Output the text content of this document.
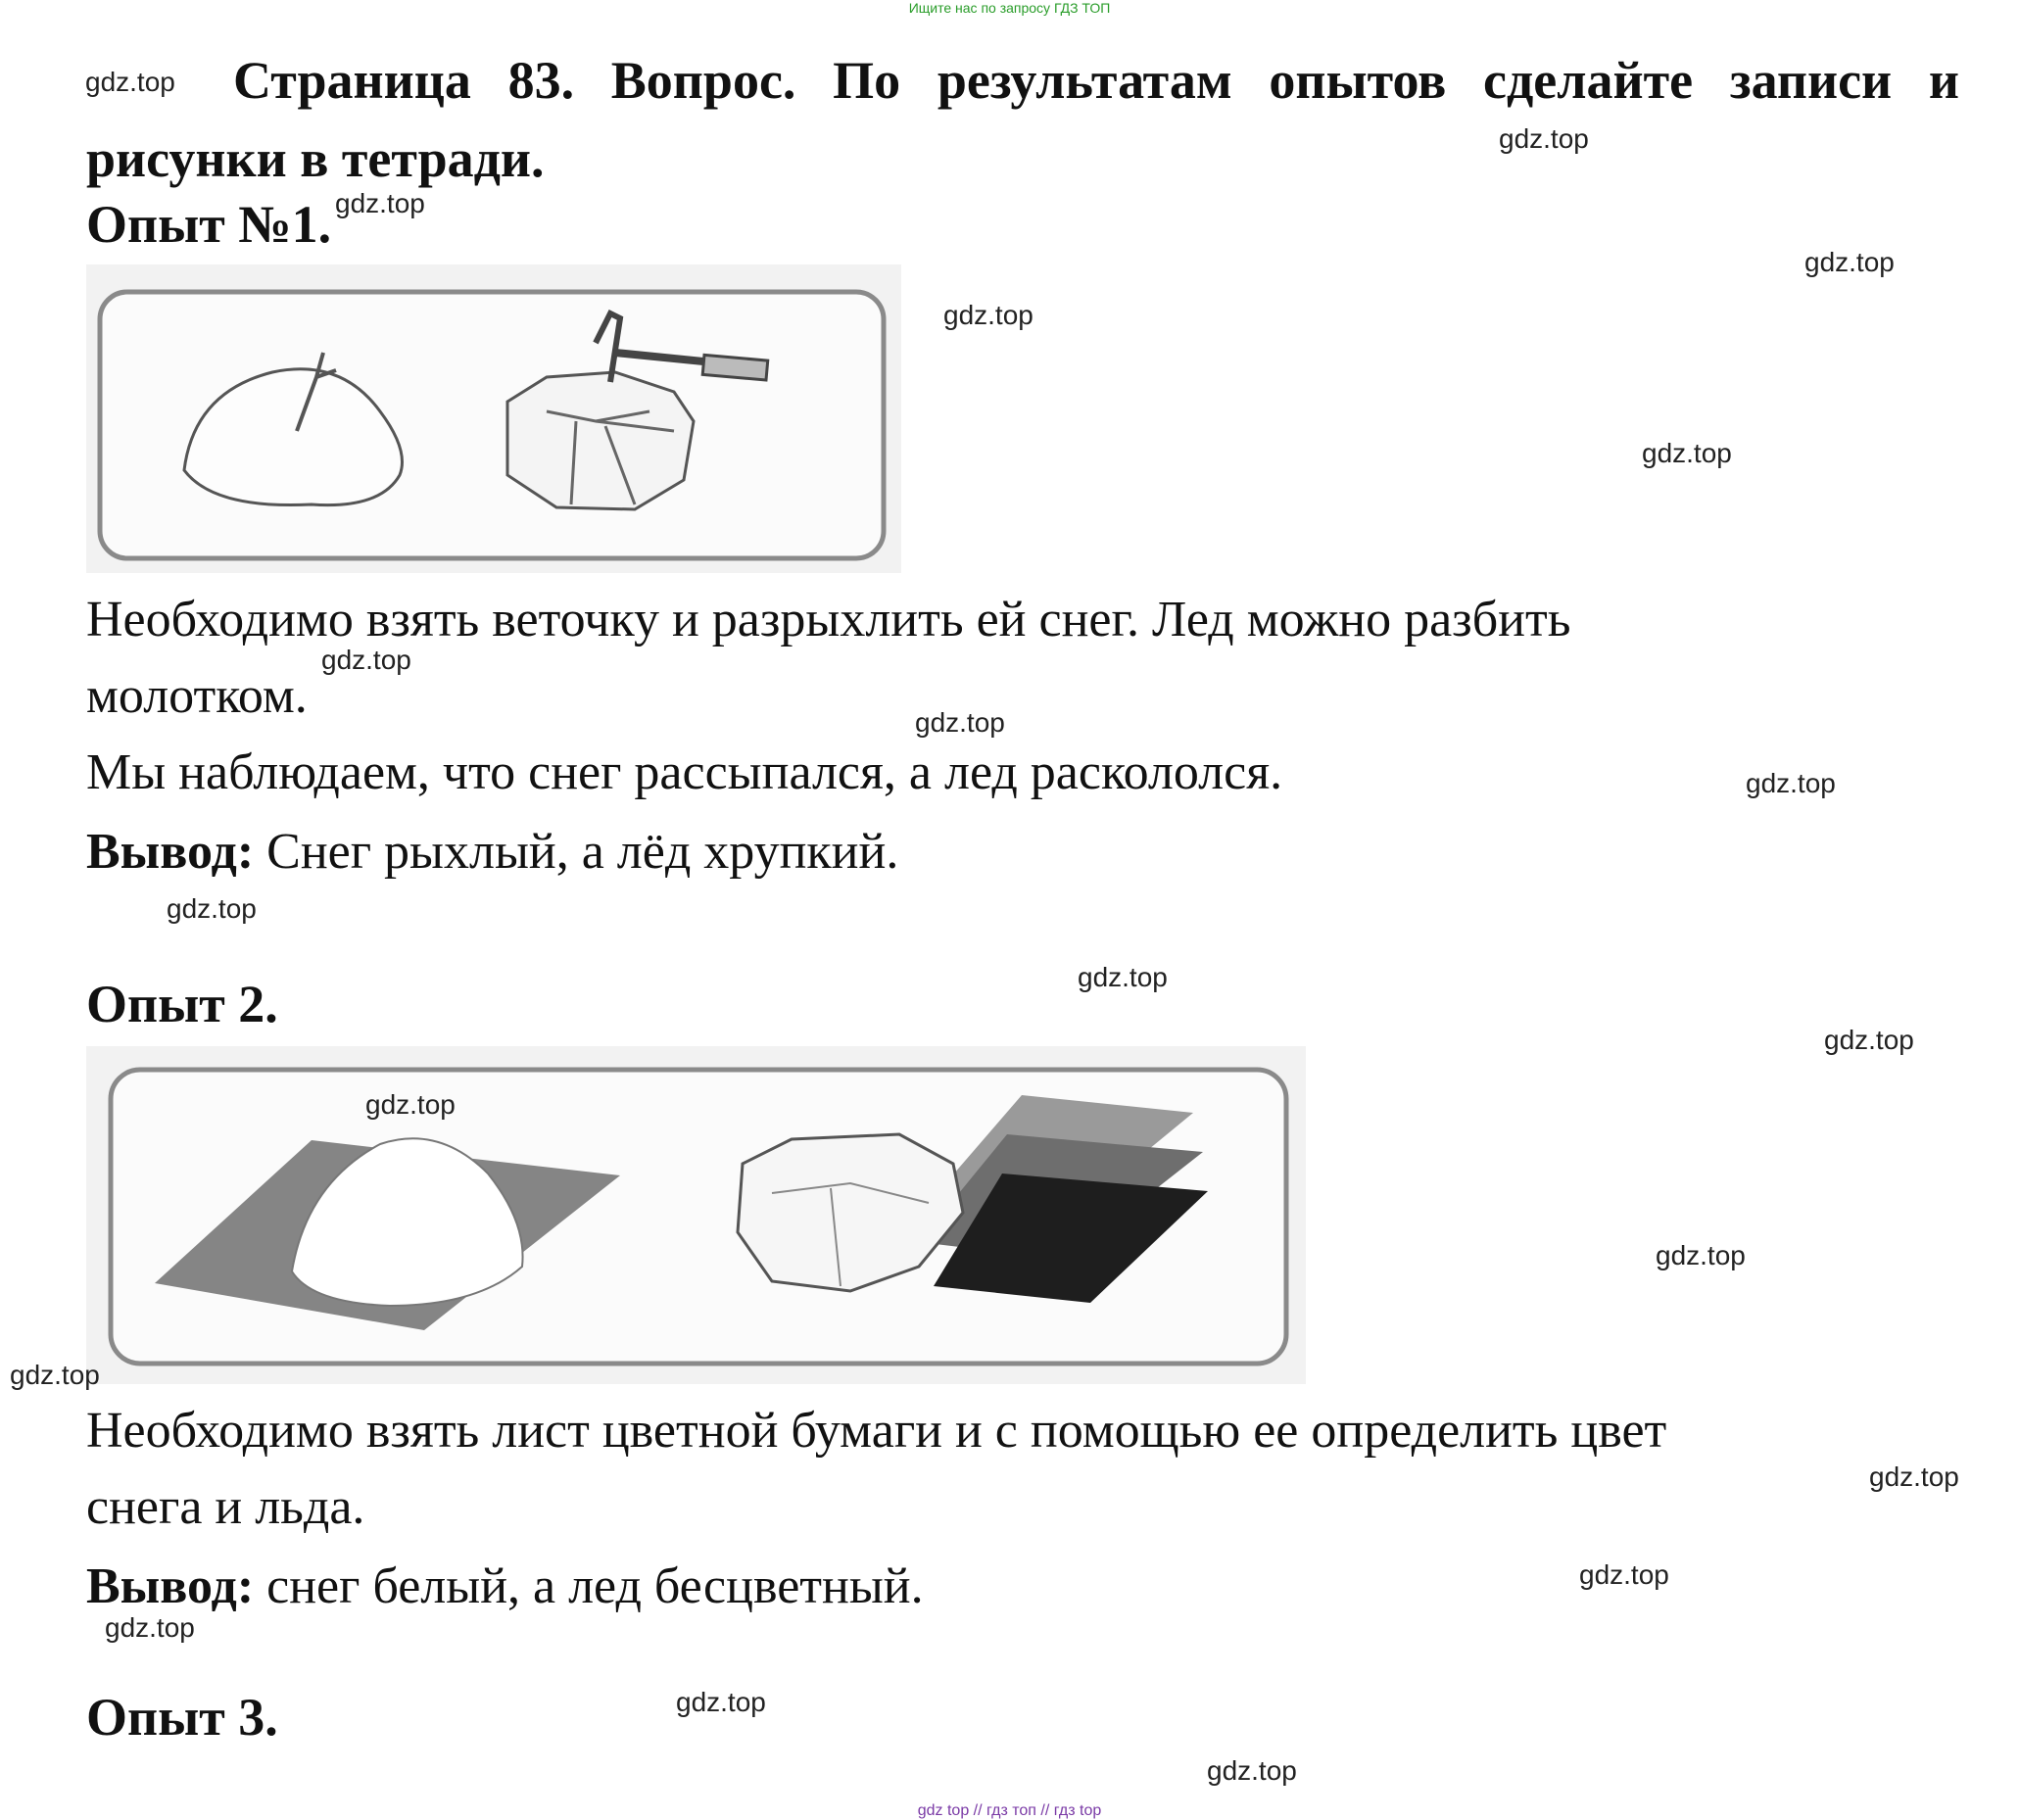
Ищите нас по запросу ГДЗ ТОП
Страница 83. Вопрос. По результатам опытов сделайте записи и рисунки в тетради.
Опыт №1.
Необходимо взять веточку и разрыхлить ей снег. Лед можно разбить
молотком.
Мы наблюдаем, что снег рассыпался, а лед раскололся.
Вывод: Снег рыхлый, а лёд хрупкий.
Опыт 2.
Необходимо взять лист цветной бумаги и с помощью ее определить цвет
снега и льда.
Вывод: снег белый, а лед бесцветный.
Опыт 3.
gdz.top
gdz.top
gdz.top
gdz.top
gdz.top
gdz.top
gdz.top
gdz.top
gdz.top
gdz.top
gdz.top
gdz.top
gdz.top
gdz.top
gdz.top
gdz.top
gdz.top
gdz.top
gdz.top
gdz.top
gdz top // гдз топ // гдз top
